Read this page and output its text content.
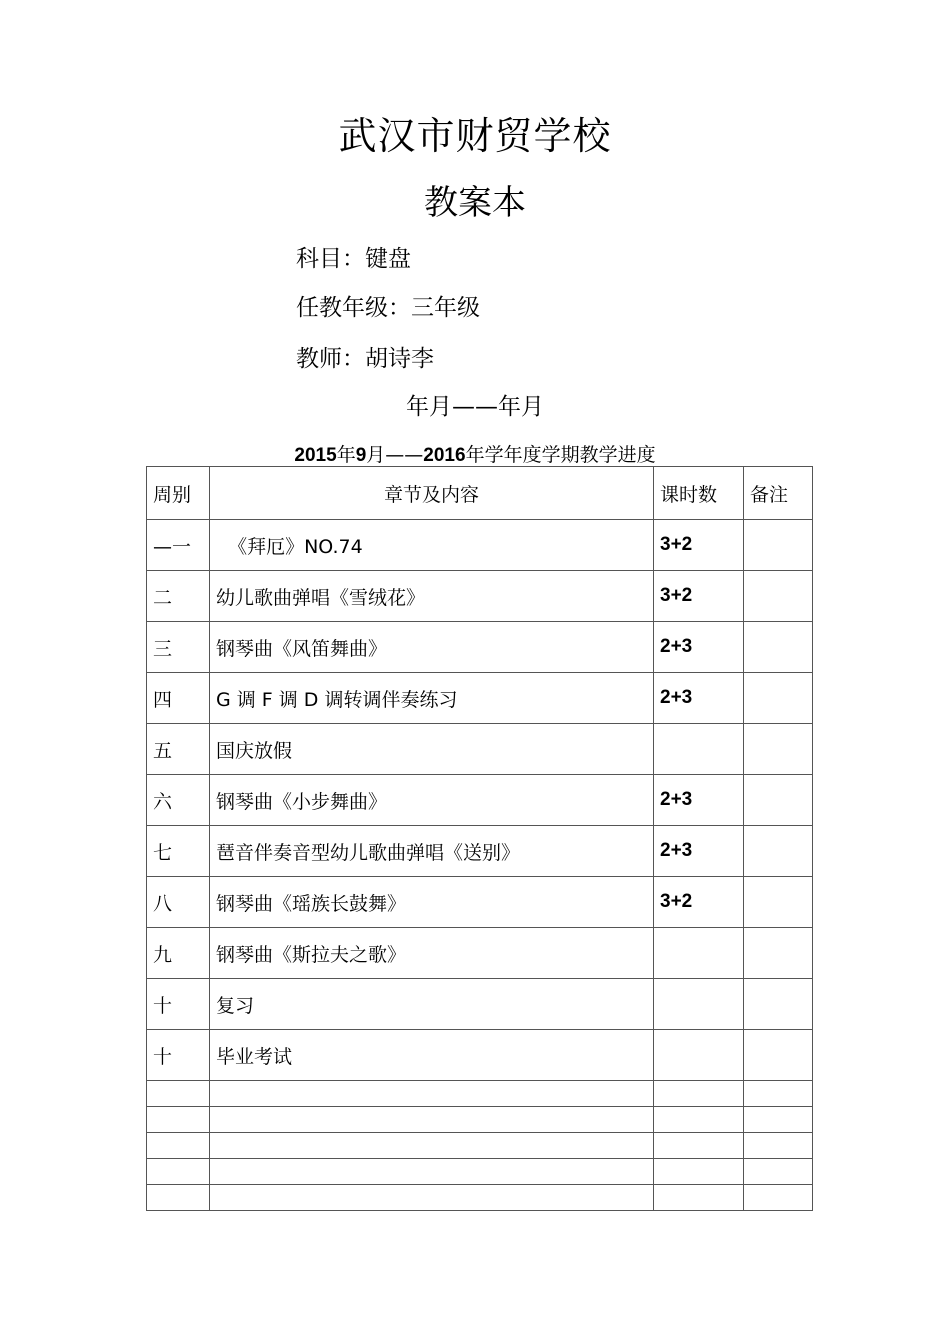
武汉市财贸学校
教案本
科目：键盘
任教年级：三年级
教师：胡诗李
年月——年月
2015年9月——2016年学年度学期教学进度
周别	章节及内容	课时数	备注
—一	《拜厄》NO.74	3+2	
二	幼儿歌曲弹唱《雪绒花》	3+2	
三	钢琴曲《风笛舞曲》	2+3	
四	G 调 F 调 D 调转调伴奏练习	2+3	
五	国庆放假		
六	钢琴曲《小步舞曲》	2+3	
七	琶音伴奏音型幼儿歌曲弹唱《送别》	2+3	
八	钢琴曲《瑶族长鼓舞》	3+2	
九	钢琴曲《斯拉夫之歌》		
十	复习		
十	毕业考试		
